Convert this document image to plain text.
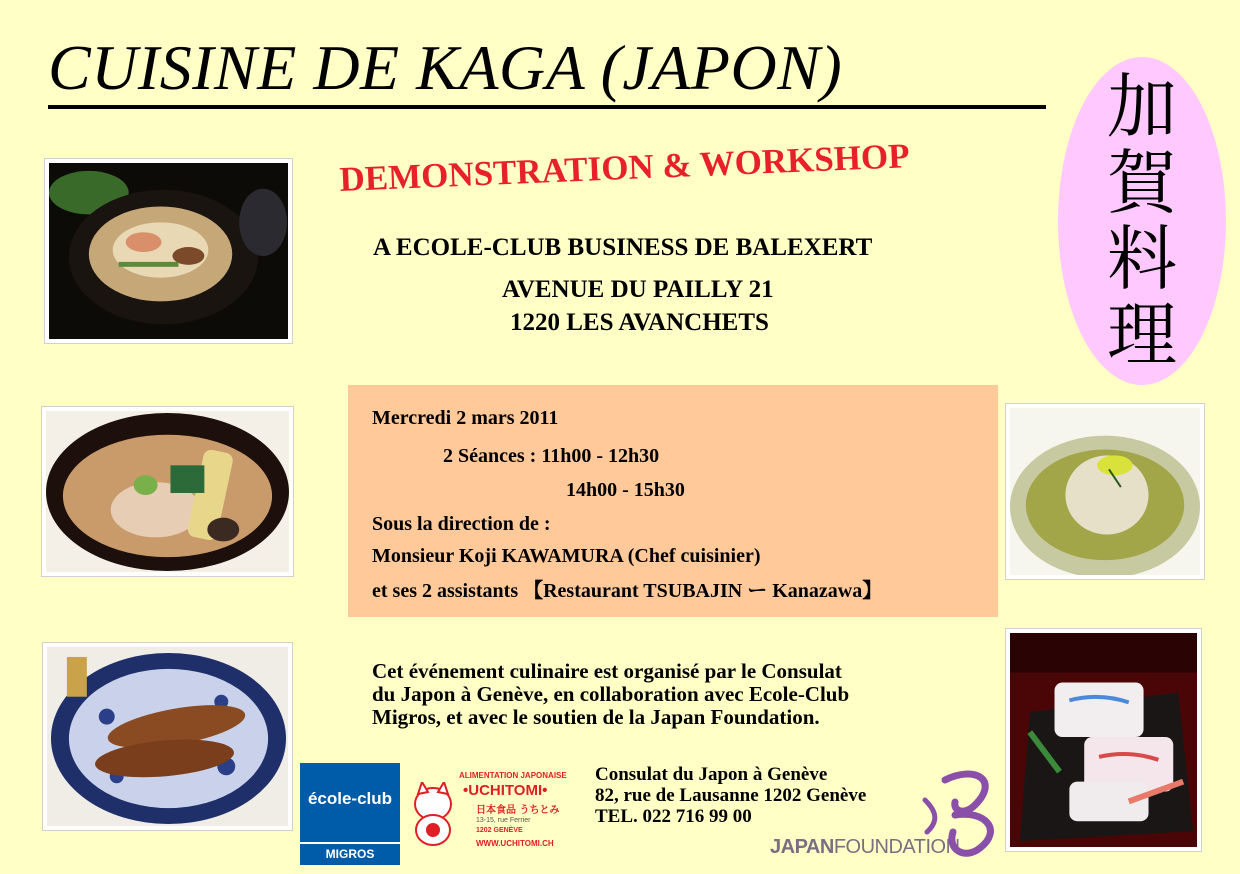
CUISINE DE KAGA (JAPON)	加
賀
料
理
DEMONSTRATION & WORKSHOP
A ECOLE-CLUB BUSINESS DE BALEXERT
AVENUE DU PAILLY 21
1220 LES AVANCHETS
Mercredi 2 mars 2011
2 Séances : 11h00 - 12h30
14h00 - 15h30
Sous la direction de :
Monsieur Koji KAWAMURA (Chef cuisinier)
et ses 2 assistants 【Restaurant TSUBAJIN ー Kanazawa】
Cet événement culinaire est organisé par le Consulat
du Japon à Genève, en collaboration avec Ecole-Club
Migros, et avec le soutien de la Japan Foundation.
école-club
MIGROS
ALIMENTATION JAPONAISE
•UCHITOMI•
日本食品 うちとみ
13-15, rue Ferrier
1202 GENÈVE
WWW.UCHITOMI.CH
Consulat du Japon à Genève
82, rue de Lausanne 1202 Genève
TEL. 022 716 99 00
JAPANFOUNDATION
